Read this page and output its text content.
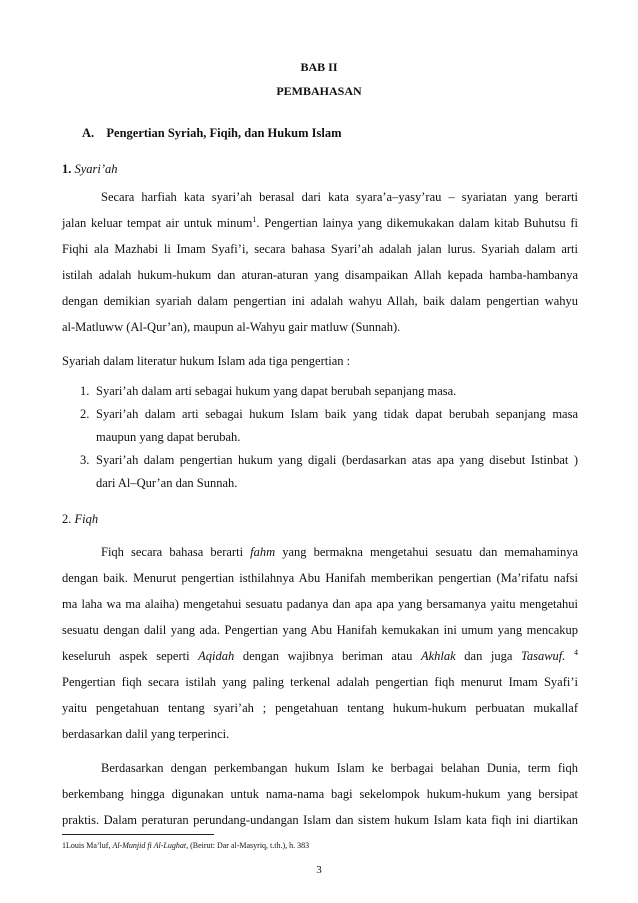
BAB II
PEMBAHASAN
A. Pengertian Syriah, Fiqih, dan Hukum Islam
1. Syari’ah
Secara harfiah kata syari’ah berasal dari kata syara’a–yasy’rau – syariatan yang berarti
jalan keluar tempat air untuk minum$^1$. Pengertian lainya yang dikemukakan dalam kitab Buhutsu fi
Fiqhi ala Mazhabi li Imam Syafi’i, secara bahasa Syari’ah adalah jalan lurus. Syariah dalam arti
istilah adalah hukum-hukum dan aturan-aturan yang disampaikan Allah kepada hamba-hambanya
dengan demikian syariah dalam pengertian ini adalah wahyu Allah, baik dalam pengertian wahyu
al-Matluww (Al-Qur’an), maupun al-Wahyu gair matluw (Sunnah).
Syariah dalam literatur hukum Islam ada tiga pengertian :
1. Syari’ah dalam arti sebagai hukum yang dapat berubah sepanjang masa.
2. Syari’ah dalam arti sebagai hukum Islam baik yang tidak dapat berubah sepanjang masa
maupun yang dapat berubah.
3. Syari’ah dalam pengertian hukum yang digali (berdasarkan atas apa yang disebut Istinbat )
dari Al–Qur’an dan Sunnah.
2. Fiqh
Fiqh secara bahasa berarti fahm yang bermakna mengetahui sesuatu dan memahaminya
dengan baik. Menurut pengertian isthilahnya Abu Hanifah memberikan pengertian (Ma’rifatu nafsi
ma laha wa ma alaiha) mengetahui sesuatu padanya dan apa apa yang bersamanya yaitu mengetahui
sesuatu dengan dalil yang ada. Pengertian yang Abu Hanifah kemukakan ini umum yang mencakup
keseluruh aspek seperti Aqidah dengan wajibnya beriman atau Akhlak dan juga Tasawuf. $^4$
Pengertian fiqh secara istilah yang paling terkenal adalah pengertian fiqh menurut Imam Syafi’i
yaitu pengetahuan tentang syari’ah ; pengetahuan tentang hukum-hukum perbuatan mukallaf
berdasarkan dalil yang terperinci.
Berdasarkan dengan perkembangan hukum Islam ke berbagai belahan Dunia, term fiqh
berkembang hingga digunakan untuk nama-nama bagi sekelompok hukum-hukum yang bersipat
praktis. Dalam peraturan perundang-undangan Islam dan sistem hukum Islam kata fiqh ini diartikan
1Louis Ma’luf, Al-Munjid fi Al-Lughat, (Beirut: Dar al-Masyriq, t.th.), h. 383
3
